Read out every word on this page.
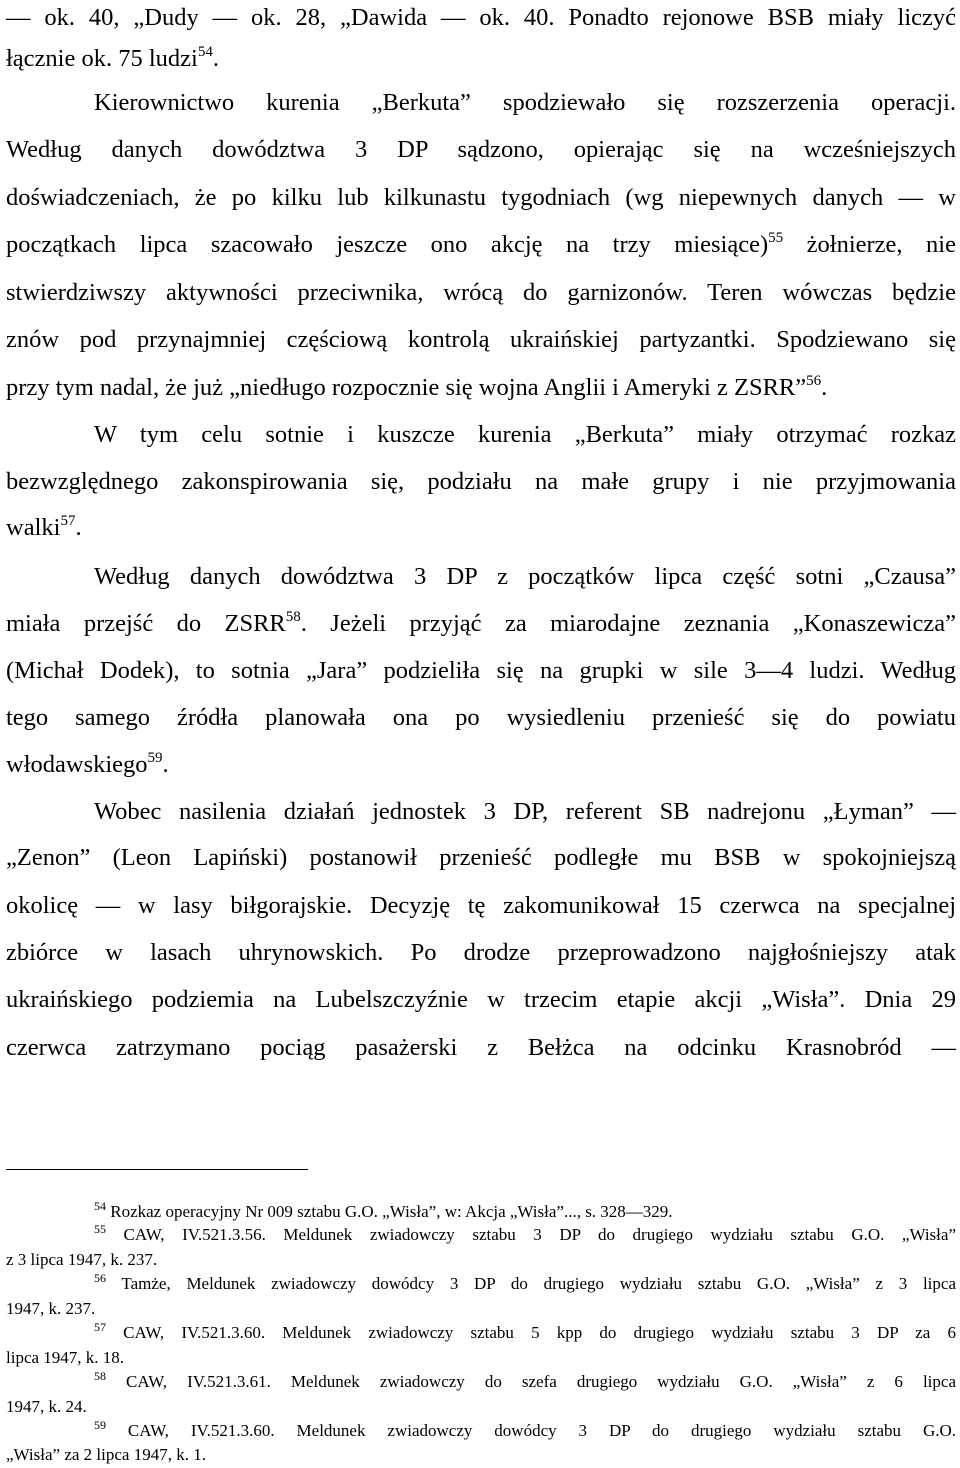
— ok. 40, „Dudy — ok. 28, „Dawida — ok. 40. Ponadto rejonowe BSB miały liczyć
łącznie ok. 75 ludzi$^{54}$.
Kierownictwo kurenia „Berkuta” spodziewało się rozszerzenia operacji.
Według danych dowództwa 3 DP sądzono, opierając się na wcześniejszych
doświadczeniach, że po kilku lub kilkunastu tygodniach (wg niepewnych danych — w
początkach lipca szacowało jeszcze ono akcję na trzy miesiące)$^{55}$ żołnierze, nie
stwierdziwszy aktywności przeciwnika, wrócą do garnizonów. Teren wówczas będzie
znów pod przynajmniej częściową kontrolą ukraińskiej partyzantki. Spodziewano się
przy tym nadal, że już „niedługo rozpocznie się wojna Anglii i Ameryki z ZSRR”$^{56}$.
W tym celu sotnie i kuszcze kurenia „Berkuta” miały otrzymać rozkaz
bezwzględnego zakonspirowania się, podziału na małe grupy i nie przyjmowania
walki$^{57}$.
Według danych dowództwa 3 DP z początków lipca część sotni „Czausa”
miała przejść do ZSRR$^{58}$. Jeżeli przyjąć za miarodajne zeznania „Konaszewicza”
(Michał Dodek), to sotnia „Jara” podzieliła się na grupki w sile 3—4 ludzi. Według
tego samego źródła planowała ona po wysiedleniu przenieść się do powiatu
włodawskiego$^{59}$.
Wobec nasilenia działań jednostek 3 DP, referent SB nadrejonu „Łyman” —
„Zenon” (Leon Lapiński) postanowił przenieść podległe mu BSB w spokojniejszą
okolicę — w lasy biłgorajskie. Decyzję tę zakomunikował 15 czerwca na specjalnej
zbiórce w lasach uhrynowskich. Po drodze przeprowadzono najgłośniejszy atak
ukraińskiego podziemia na Lubelszczyźnie w trzecim etapie akcji „Wisła”. Dnia 29
czerwca zatrzymano pociąg pasażerski z Bełżca na odcinku Krasnobród —
$^{54}$ Rozkaz operacyjny Nr 009 sztabu G.O. „Wisła”, w: Akcja „Wisła”..., s. 328—329.
$^{55}$ CAW, IV.521.3.56. Meldunek zwiadowczy sztabu 3 DP do drugiego wydziału sztabu G.O. „Wisła”
z 3 lipca 1947, k. 237.
$^{56}$ Tamże, Meldunek zwiadowczy dowódcy 3 DP do drugiego wydziału sztabu G.O. „Wisła” z 3 lipca
1947, k. 237.
$^{57}$ CAW, IV.521.3.60. Meldunek zwiadowczy sztabu 5 kpp do drugiego wydziału sztabu 3 DP za 6
lipca 1947, k. 18.
$^{58}$ CAW, IV.521.3.61. Meldunek zwiadowczy do szefa drugiego wydziału G.O. „Wisła” z 6 lipca
1947, k. 24.
$^{59}$ CAW, IV.521.3.60. Meldunek zwiadowczy dowódcy 3 DP do drugiego wydziału sztabu G.O.
„Wisła” za 2 lipca 1947, k. 1.
